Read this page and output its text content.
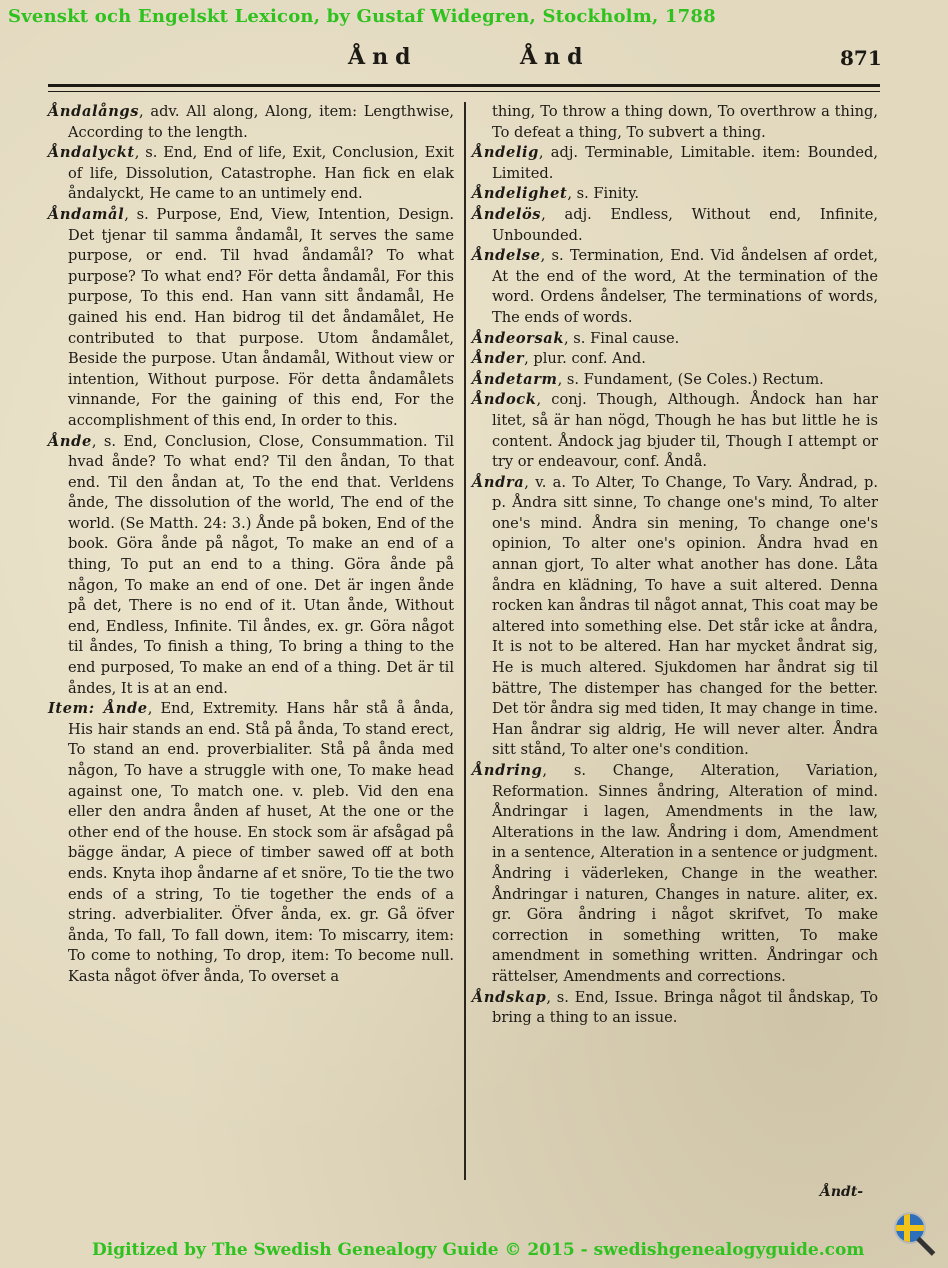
Svenskt och Engelskt Lexicon, by Gustaf Widegren, Stockholm, 1788
Ånd	Ånd	871

Åndalångs, adv. All along, Along, item: Lengthwise, According to the length.

Åndalyckt, s. End, End of life, Exit, Conclusion, Exit of life, Dissolution, Catastrophe. Han fick en elak åndalyckt, He came to an untimely end.

Åndamål, s. Purpose, End, View, Intention, Design. Det tjenar til samma åndamål, It serves the same purpose, or end. Til hvad åndamål? To what purpose? To what end? För detta åndamål, For this purpose, To this end. Han vann sitt åndamål, He gained his end. Han bidrog til det åndamålet, He contributed to that purpose. Utom åndamålet, Beside the purpose. Utan åndamål, Without view or intention, Without purpose. För detta åndamålets vinnande, For the gaining of this end, For the accomplishment of this end, In order to this.

Ånde, s. End, Conclusion, Close, Consummation. Til hvad ånde? To what end? Til den åndan, To that end. Til den åndan at, To the end that. Verldens ånde, The dissolution of the world, The end of the world. (Se Matth. 24: 3.) Ånde på boken, End of the book. Göra ånde på något, To make an end of a thing, To put an end to a thing. Göra ånde på någon, To make an end of one. Det är ingen ånde på det, There is no end of it. Utan ånde, Without end, Endless, Infinite. Til åndes, ex. gr. Göra något til åndes, To finish a thing, To bring a thing to the end purposed, To make an end of a thing. Det är til åndes, It is at an end.

Item: Ånde, End, Extremity. Hans hår stå å ånda, His hair stands an end. Stå på ånda, To stand erect, To stand an end. proverbialiter. Stå på ånda med någon, To have a struggle with one, To make head against one, To match one. v. pleb. Vid den ena eller den andra ånden af huset, At the one or the other end of the house. En stock som är afsågad på bägge ändar, A piece of timber sawed off at both ends. Knyta ihop åndarne af et snöre, To tie the two ends of a string, To tie together the ends of a string. adverbialiter. Öfver ånda, ex. gr. Gå öfver ånda, To fall, To fall down, item: To miscarry, item: To come to nothing, To drop, item: To become null. Kasta något öfver ånda, To overset a

thing, To throw a thing down, To overthrow a thing, To defeat a thing, To subvert a thing.

Åndelig, adj. Terminable, Limitable. item: Bounded, Limited.

Åndelighet, s. Finity.

Åndelös, adj. Endless, Without end, Infinite, Unbounded.

Åndelse, s. Termination, End. Vid åndelsen af ordet, At the end of the word, At the termination of the word. Ordens åndelser, The terminations of words, The ends of words.

Åndeorsak, s. Final cause.

Ånder, plur. conf. And.

Åndetarm, s. Fundament, (Se Coles.) Rectum.

Åndock, conj. Though, Although. Åndock han har litet, så är han nögd, Though he has but little he is content. Åndock jag bjuder til, Though I attempt or try or endeavour, conf. Åndå.

Åndra, v. a. To Alter, To Change, To Vary. Åndrad, p. p. Åndra sitt sinne, To change one's mind, To alter one's mind. Åndra sin mening, To change one's opinion, To alter one's opinion. Åndra hvad en annan gjort, To alter what another has done. Låta åndra en klädning, To have a suit altered. Denna rocken kan åndras til något annat, This coat may be altered into something else. Det står icke at åndra, It is not to be altered. Han har mycket åndrat sig, He is much altered. Sjukdomen har åndrat sig til bättre, The distemper has changed for the better. Det tör åndra sig med tiden, It may change in time. Han åndrar sig aldrig, He will never alter. Åndra sitt stånd, To alter one's condition.

Åndring, s. Change, Alteration, Variation, Reformation. Sinnes åndring, Alteration of mind. Åndringar i lagen, Amendments in the law, Alterations in the law. Åndring i dom, Amendment in a sentence, Alteration in a sentence or judgment. Åndring i väderleken, Change in the weather. Åndringar i naturen, Changes in nature. aliter, ex. gr. Göra åndring i något skrifvet, To make correction in something written, To make amendment in something written. Åndringar och rättelser, Amendments and corrections.

Åndskap, s. End, Issue. Bringa något til åndskap, To bring a thing to an issue.

Åndt-
Digitized by The Swedish Genealogy Guide © 2015 - swedishgenealogyguide.com
